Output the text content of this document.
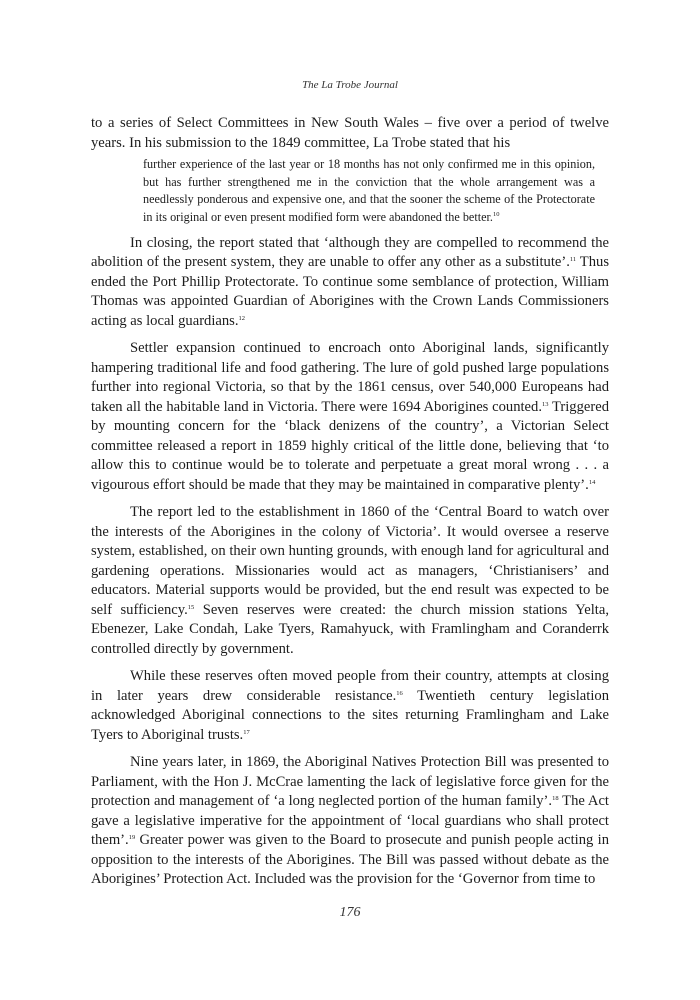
The La Trobe Journal

to a series of Select Committees in New South Wales – five over a period of twelve years. In his submission to the 1849 committee, La Trobe stated that his

further experience of the last year or 18 months has not only confirmed me in this opinion, but has further strengthened me in the conviction that the whole arrangement was a needlessly ponderous and expensive one, and that the sooner the scheme of the Protectorate in its original or even present modified form were abandoned the better.$^{10}$

In closing, the report stated that ‘although they are compelled to recommend the abolition of the present system, they are unable to offer any other as a substitute’.$^{11}$ Thus ended the Port Phillip Protectorate. To continue some semblance of protection, William Thomas was appointed Guardian of Aborigines with the Crown Lands Commissioners acting as local guardians.$^{12}$

Settler expansion continued to encroach onto Aboriginal lands, significantly hampering traditional life and food gathering. The lure of gold pushed large populations further into regional Victoria, so that by the 1861 census, over 540,000 Europeans had taken all the habitable land in Victoria. There were 1694 Aborigines counted.$^{13}$ Triggered by mounting concern for the ‘black denizens of the country’, a Victorian Select committee released a report in 1859 highly critical of the little done, believing that ‘to allow this to continue would be to tolerate and perpetuate a great moral wrong . . . a vigourous effort should be made that they may be maintained in comparative plenty’.$^{14}$

The report led to the establishment in 1860 of the ‘Central Board to watch over the interests of the Aborigines in the colony of Victoria’. It would oversee a reserve system, established, on their own hunting grounds, with enough land for agricultural and gardening operations. Missionaries would act as managers, ‘Christianisers’ and educators. Material supports would be provided, but the end result was expected to be self sufficiency.$^{15}$ Seven reserves were created: the church mission stations Yelta, Ebenezer, Lake Condah, Lake Tyers, Ramahyuck, with Framlingham and Coranderrk controlled directly by government.

While these reserves often moved people from their country, attempts at closing in later years drew considerable resistance.$^{16}$ Twentieth century legislation acknowledged Aboriginal connections to the sites returning Framlingham and Lake Tyers to Aboriginal trusts.$^{17}$

Nine years later, in 1869, the Aboriginal Natives Protection Bill was presented to Parliament, with the Hon J. McCrae lamenting the lack of legislative force given for the protection and management of ‘a long neglected portion of the human family’.$^{18}$ The Act gave a legislative imperative for the appointment of ‘local guardians who shall protect them’.$^{19}$ Greater power was given to the Board to prosecute and punish people acting in opposition to the interests of the Aborigines. The Bill was passed without debate as the Aborigines’ Protection Act. Included was the provision for the ‘Governor from time to

176
